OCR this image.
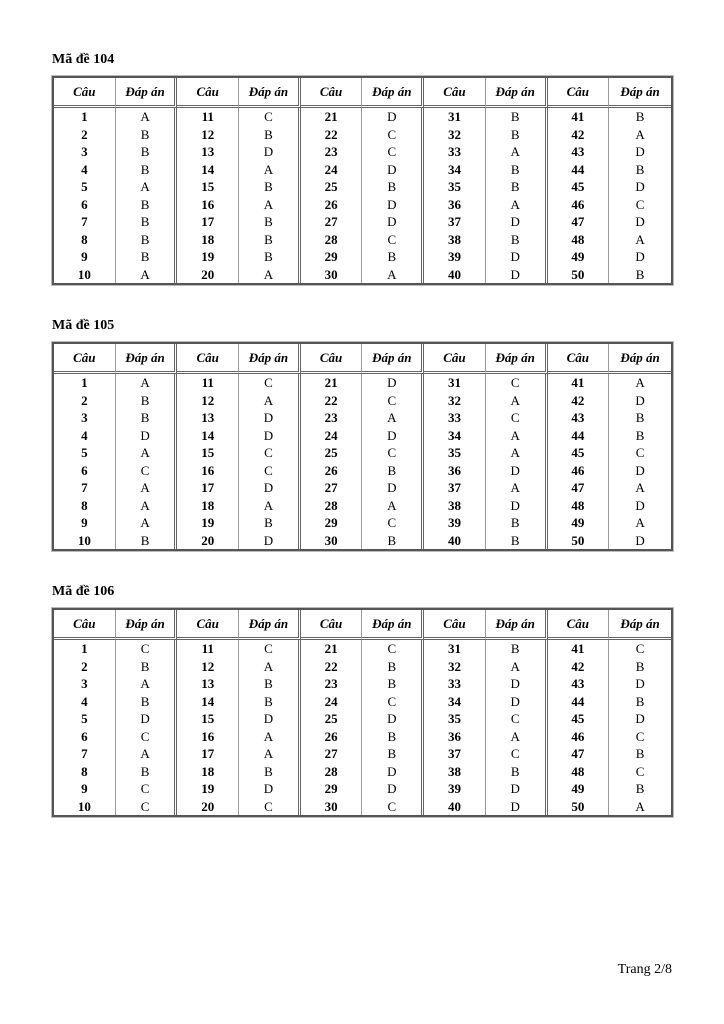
Mã đề 104
Câu	Đáp án	Câu	Đáp án	Câu	Đáp án	Câu	Đáp án	Câu	Đáp án
1	A	11	C	21	D	31	B	41	B
2	B	12	B	22	C	32	B	42	A
3	B	13	D	23	C	33	A	43	D
4	B	14	A	24	D	34	B	44	B
5	A	15	B	25	B	35	B	45	D
6	B	16	A	26	D	36	A	46	C
7	B	17	B	27	D	37	D	47	D
8	B	18	B	28	C	38	B	48	A
9	B	19	B	29	B	39	D	49	D
10	A	20	A	30	A	40	D	50	B
Mã đề 105
Câu	Đáp án	Câu	Đáp án	Câu	Đáp án	Câu	Đáp án	Câu	Đáp án
1	A	11	C	21	D	31	C	41	A
2	B	12	A	22	C	32	A	42	D
3	B	13	D	23	A	33	C	43	B
4	D	14	D	24	D	34	A	44	B
5	A	15	C	25	C	35	A	45	C
6	C	16	C	26	B	36	D	46	D
7	A	17	D	27	D	37	A	47	A
8	A	18	A	28	A	38	D	48	D
9	A	19	B	29	C	39	B	49	A
10	B	20	D	30	B	40	B	50	D
Mã đề 106
Câu	Đáp án	Câu	Đáp án	Câu	Đáp án	Câu	Đáp án	Câu	Đáp án
1	C	11	C	21	C	31	B	41	C
2	B	12	A	22	B	32	A	42	B
3	A	13	B	23	B	33	D	43	D
4	B	14	B	24	C	34	D	44	B
5	D	15	D	25	D	35	C	45	D
6	C	16	A	26	B	36	A	46	C
7	A	17	A	27	B	37	C	47	B
8	B	18	B	28	D	38	B	48	C
9	C	19	D	29	D	39	D	49	B
10	C	20	C	30	C	40	D	50	A
Trang 2/8
